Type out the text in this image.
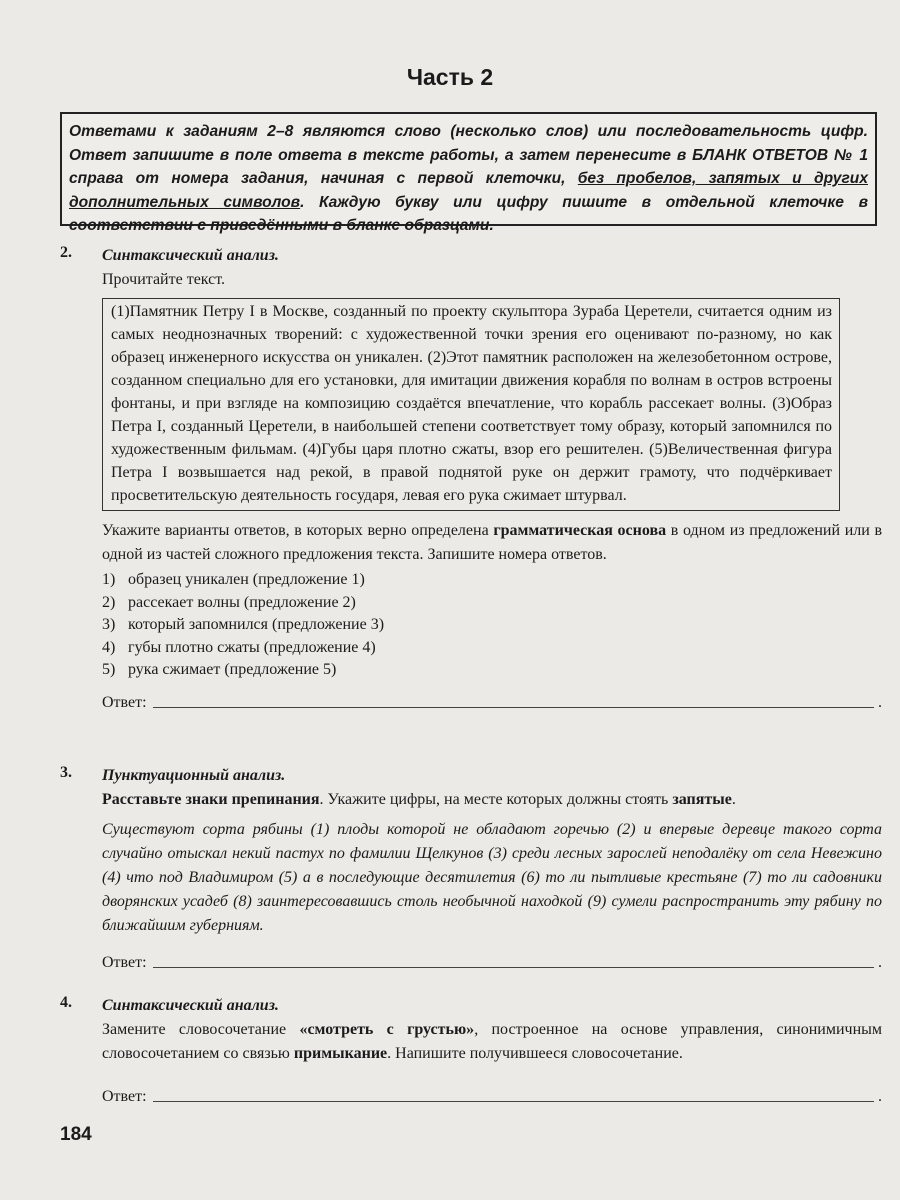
Часть 2
Ответами к заданиям 2–8 являются слово (несколько слов) или последовательность цифр. Ответ запишите в поле ответа в тексте работы, а затем перенесите в БЛАНК ОТВЕТОВ № 1 справа от номера задания, начиная с первой клеточки, без пробелов, запятых и других дополнительных символов. Каждую букву или цифру пишите в отдельной клеточке в соответствии с приведёнными в бланке образцами.
2. Синтаксический анализ.
Прочитайте текст.
(1)Памятник Петру I в Москве, созданный по проекту скульптора Зураба Церетели, считается одним из самых неоднозначных творений: с художественной точки зрения его оценивают по-разному, но как образец инженерного искусства он уникален. (2)Этот памятник расположен на железобетонном острове, созданном специально для его установки, для имитации движения корабля по волнам в остров встроены фонтаны, и при взгляде на композицию создаётся впечатление, что корабль рассекает волны. (3)Образ Петра I, созданный Церетели, в наибольшей степени соответствует тому образу, который запомнился по художественным фильмам. (4)Губы царя плотно сжаты, взор его решителен. (5)Величественная фигура Петра I возвышается над рекой, в правой поднятой руке он держит грамоту, что подчёркивает просветительскую деятельность государя, левая его рука сжимает штурвал.
Укажите варианты ответов, в которых верно определена грамматическая основа в одном из предложений или в одной из частей сложного предложения текста. Запишите номера ответов.
1) образец уникален (предложение 1)
2) рассекает волны (предложение 2)
3) который запомнился (предложение 3)
4) губы плотно сжаты (предложение 4)
5) рука сжимает (предложение 5)
Ответ:	.
3. Пунктуационный анализ.
Расставьте знаки препинания. Укажите цифры, на месте которых должны стоять запятые.
Существуют сорта рябины (1) плоды которой не обладают горечью (2) и впервые деревце такого сорта случайно отыскал некий пастух по фамилии Щелкунов (3) среди лесных зарослей неподалёку от села Невежино (4) что под Владимиром (5) а в последующие десятилетия (6) то ли пытливые крестьяне (7) то ли садовники дворянских усадеб (8) заинтересовавшись столь необычной находкой (9) сумели распространить эту рябину по ближайшим губерниям.
Ответ:	.
4. Синтаксический анализ.
Замените словосочетание «смотреть с грустью», построенное на основе управления, синонимичным словосочетанием со связью примыкание. Напишите получившееся словосочетание.
Ответ:	.
184
